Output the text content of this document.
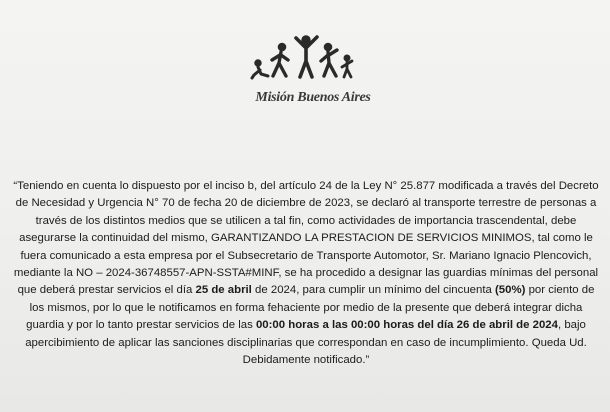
Misión Buenos Aires

“Teniendo en cuenta lo dispuesto por el inciso b, del artículo 24 de la Ley N° 25.877 modificada a través del Decreto de Necesidad y Urgencia N° 70 de fecha 20 de diciembre de 2023, se declaró al transporte terrestre de personas a través de los distintos medios que se utilicen a tal fin, como actividades de importancia trascendental, debe asegurarse la continuidad del mismo, GARANTIZANDO LA PRESTACION DE SERVICIOS MINIMOS, tal como le fuera comunicado a esta empresa por el Subsecretario de Transporte Automotor, Sr. Mariano Ignacio Plencovich, mediante la NO – 2024-36748557-APN-SSTA#MINF, se ha procedido a designar las guardias mínimas del personal que deberá prestar servicios el día 25 de abril de 2024, para cumplir un mínimo del cincuenta (50%) por ciento de los mismos, por lo que le notificamos en forma fehaciente por medio de la presente que deberá integrar dicha guardia y por lo tanto prestar servicios de las 00:00 horas a las 00:00 horas del día 26 de abril de 2024, bajo apercibimiento de aplicar las sanciones disciplinarias que correspondan en caso de incumplimiento. Queda Ud. Debidamente notificado.”
